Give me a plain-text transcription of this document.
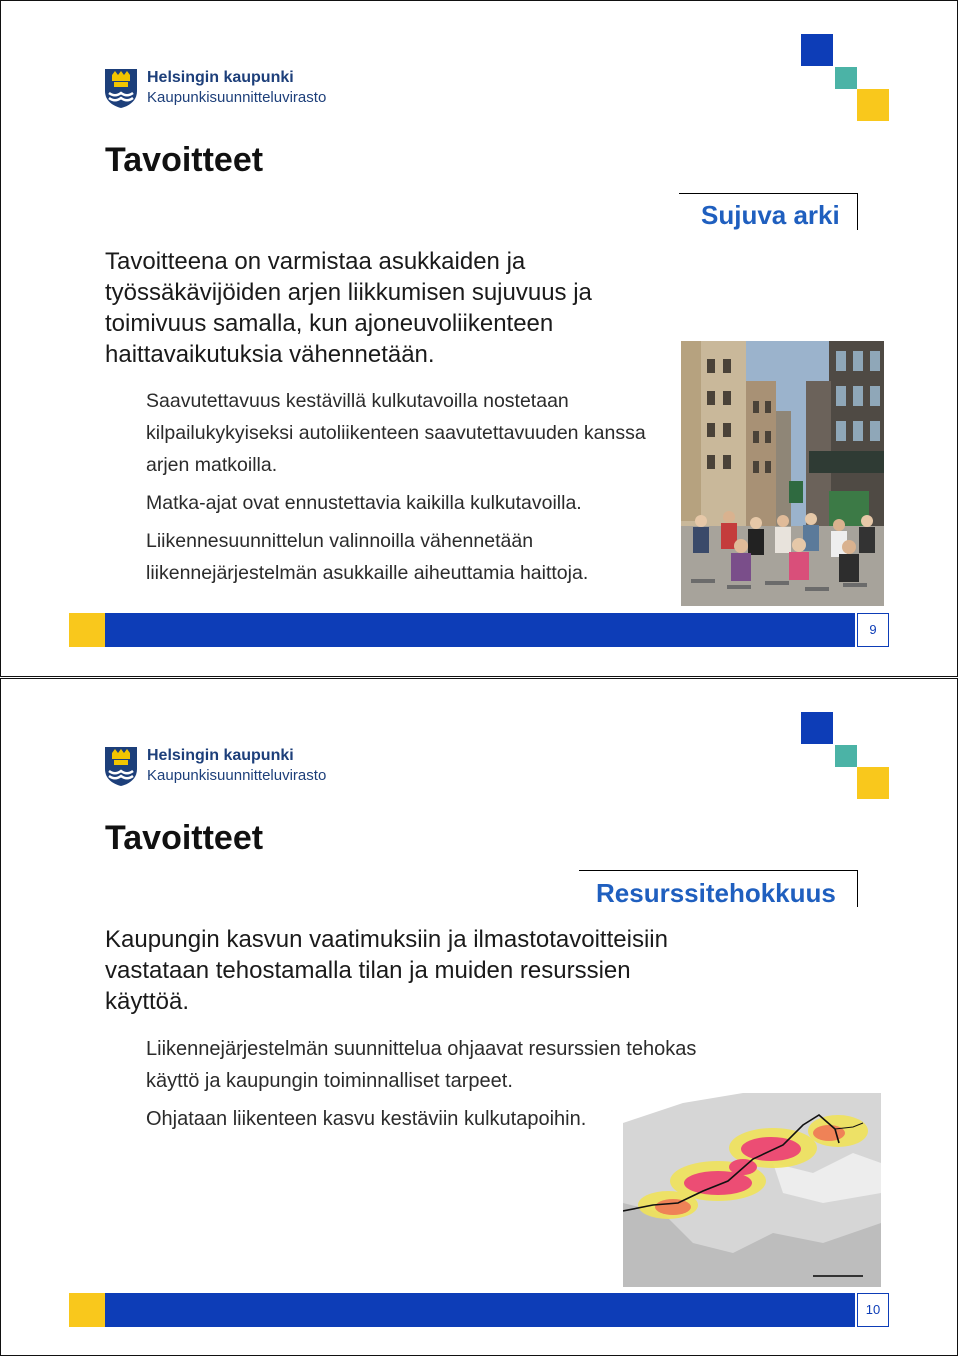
Helsingin kaupunki
Kaupunkisuunnitteluvirasto
Tavoitteet
Sujuva arki
Tavoitteena on varmistaa asukkaiden ja työssäkävijöiden arjen liikkumisen sujuvuus ja toimivuus samalla, kun ajoneuvoliikenteen haittavaikutuksia vähennetään.

Saavutettavuus kestävillä kulkutavoilla nostetaan kilpailukykyiseksi autoliikenteen saavutettavuuden kanssa arjen matkoilla.

Matka-ajat ovat ennustettavia kaikilla kulkutavoilla.

Liikennesuunnittelun valinnoilla vähennetään liikennejärjestelmän asukkaille aiheuttamia haittoja.

9
Helsingin kaupunki
Kaupunkisuunnitteluvirasto
Tavoitteet
Resurssitehokkuus
Kaupungin kasvun vaatimuksiin ja ilmastotavoitteisiin vastataan tehostamalla tilan ja muiden resurssien käyttöä.

Liikennejärjestelmän suunnittelua ohjaavat resurssien tehokas käyttö ja kaupungin toiminnalliset tarpeet.

Ohjataan liikenteen kasvu kestäviin kulkutapoihin.

10
